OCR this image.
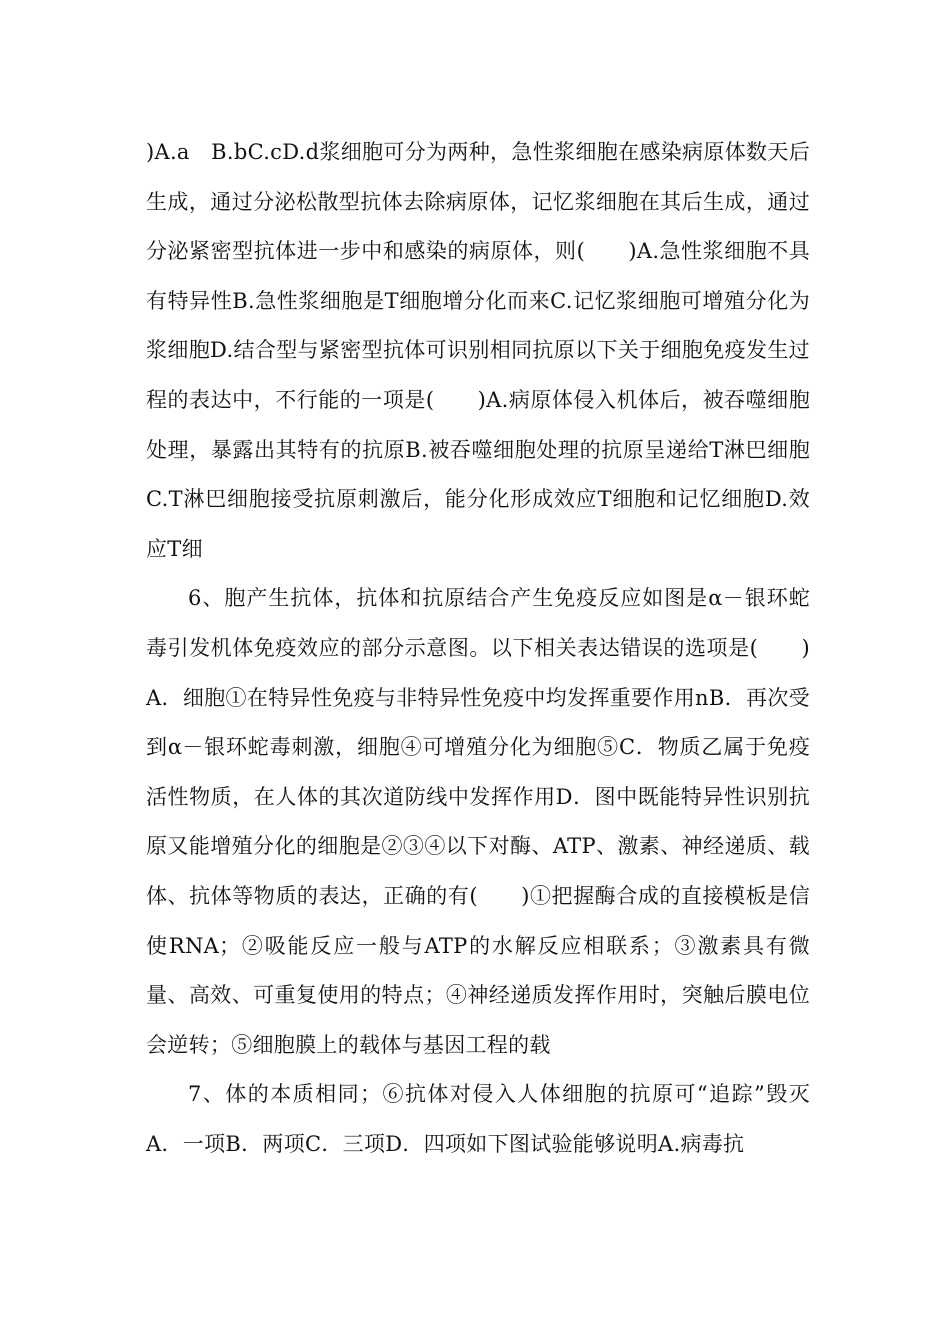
)A.a　B.bC.cD.d浆细胞可分为两种，急性浆细胞在感染病原体数天后生成，通过分泌松散型抗体去除病原体，记忆浆细胞在其后生成，通过分泌紧密型抗体进一步中和感染的病原体，则(　　)A.急性浆细胞不具有特异性B.急性浆细胞是T细胞增分化而来C.记忆浆细胞可增殖分化为浆细胞D.结合型与紧密型抗体可识别相同抗原以下关于细胞免疫发生过程的表达中，不行能的一项是(　　)A.病原体侵入机体后，被吞噬细胞处理，暴露出其特有的抗原B.被吞噬细胞处理的抗原呈递给T淋巴细胞C.T淋巴细胞接受抗原刺激后，能分化形成效应T细胞和记忆细胞D.效应T细

6、胞产生抗体，抗体和抗原结合产生免疫反应如图是α－银环蛇毒引发机体免疫效应的部分示意图。以下相关表达错误的选项是(　　)A．细胞①在特异性免疫与非特异性免疫中均发挥重要作用nB．再次受到α－银环蛇毒刺激，细胞④可增殖分化为细胞⑤C．物质乙属于免疫活性物质，在人体的其次道防线中发挥作用D．图中既能特异性识别抗原又能增殖分化的细胞是②③④以下对酶、ATP、激素、神经递质、载体、抗体等物质的表达，正确的有(　　)①把握酶合成的直接模板是信使RNA；②吸能反应一般与ATP的水解反应相联系；③激素具有微量、高效、可重复使用的特点；④神经递质发挥作用时，突触后膜电位会逆转；⑤细胞膜上的载体与基因工程的载

7、体的本质相同；⑥抗体对侵入人体细胞的抗原可“追踪”毁灭A．一项B．两项C．三项D．四项如下图试验能够说明A.病毒抗
